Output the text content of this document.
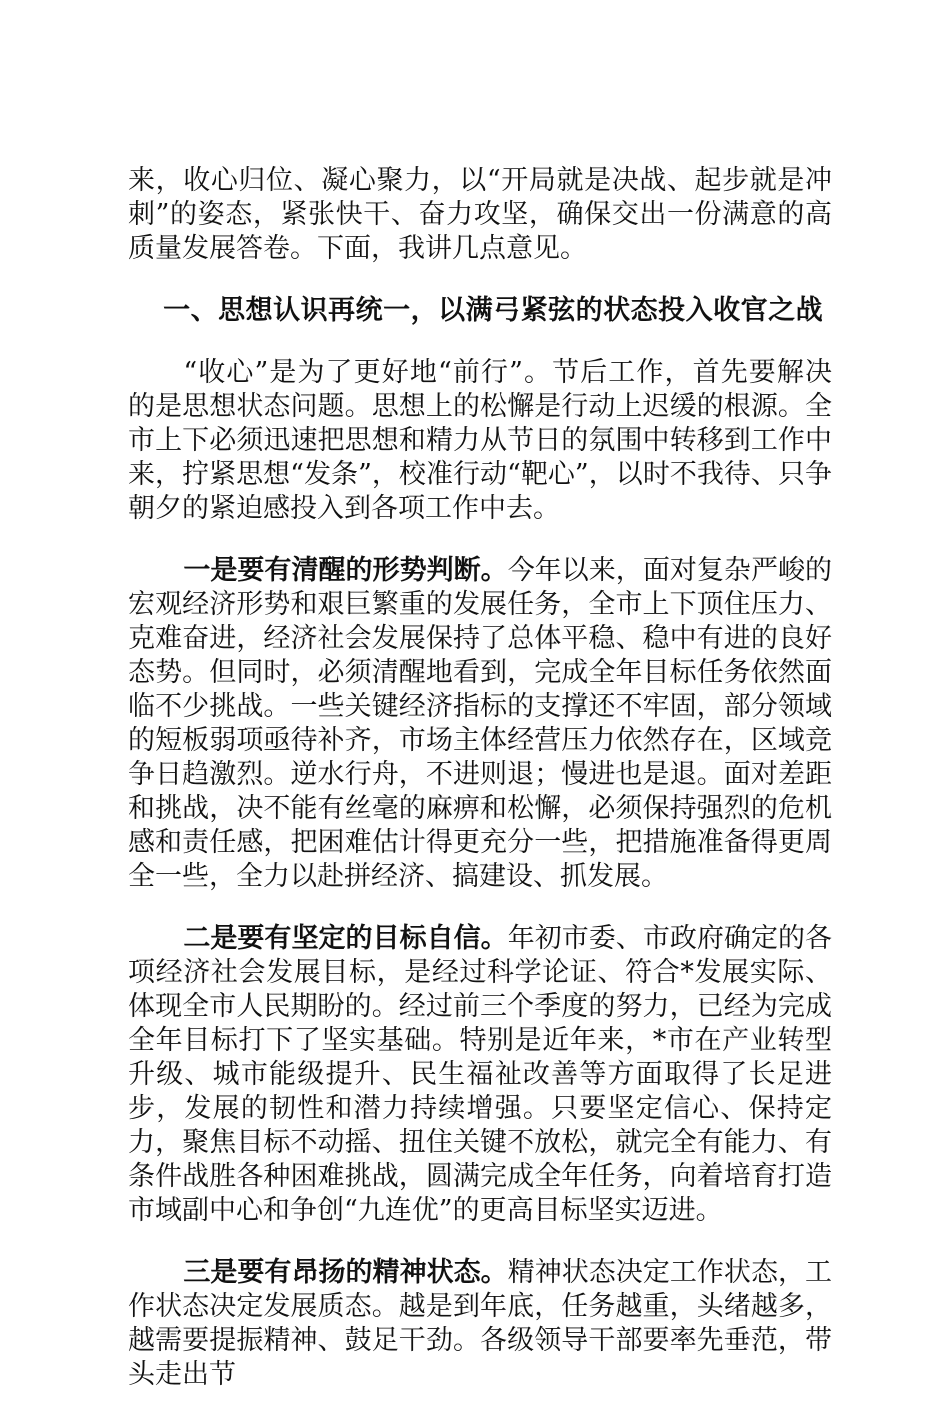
来，收心归位、凝心聚力，以“开局就是决战、起步就是冲刺”的姿态，紧张快干、奋力攻坚，确保交出一份满意的高质量发展答卷。下面，我讲几点意见。

一、思想认识再统一，以满弓紧弦的状态投入收官之战

“收心”是为了更好地“前行”。节后工作，首先要解决的是思想状态问题。思想上的松懈是行动上迟缓的根源。全市上下必须迅速把思想和精力从节日的氛围中转移到工作中来，拧紧思想“发条”，校准行动“靶心”，以时不我待、只争朝夕的紧迫感投入到各项工作中去。

一是要有清醒的形势判断。今年以来，面对复杂严峻的宏观经济形势和艰巨繁重的发展任务，全市上下顶住压力、克难奋进，经济社会发展保持了总体平稳、稳中有进的良好态势。但同时，必须清醒地看到，完成全年目标任务依然面临不少挑战。一些关键经济指标的支撑还不牢固，部分领域的短板弱项亟待补齐，市场主体经营压力依然存在，区域竞争日趋激烈。逆水行舟，不进则退；慢进也是退。面对差距和挑战，决不能有丝毫的麻痹和松懈，必须保持强烈的危机感和责任感，把困难估计得更充分一些，把措施准备得更周全一些，全力以赴拼经济、搞建设、抓发展。

二是要有坚定的目标自信。年初市委、市政府确定的各项经济社会发展目标，是经过科学论证、符合*发展实际、体现全市人民期盼的。经过前三个季度的努力，已经为完成全年目标打下了坚实基础。特别是近年来，*市在产业转型升级、城市能级提升、民生福祉改善等方面取得了长足进步，发展的韧性和潜力持续增强。只要坚定信心、保持定力，聚焦目标不动摇、扭住关键不放松，就完全有能力、有条件战胜各种困难挑战，圆满完成全年任务，向着培育打造市域副中心和争创“九连优”的更高目标坚实迈进。

三是要有昂扬的精神状态。精神状态决定工作状态，工作状态决定发展质态。越是到年底，任务越重，头绪越多，越需要提振精神、鼓足干劲。各级领导干部要率先垂范，带头走出节
